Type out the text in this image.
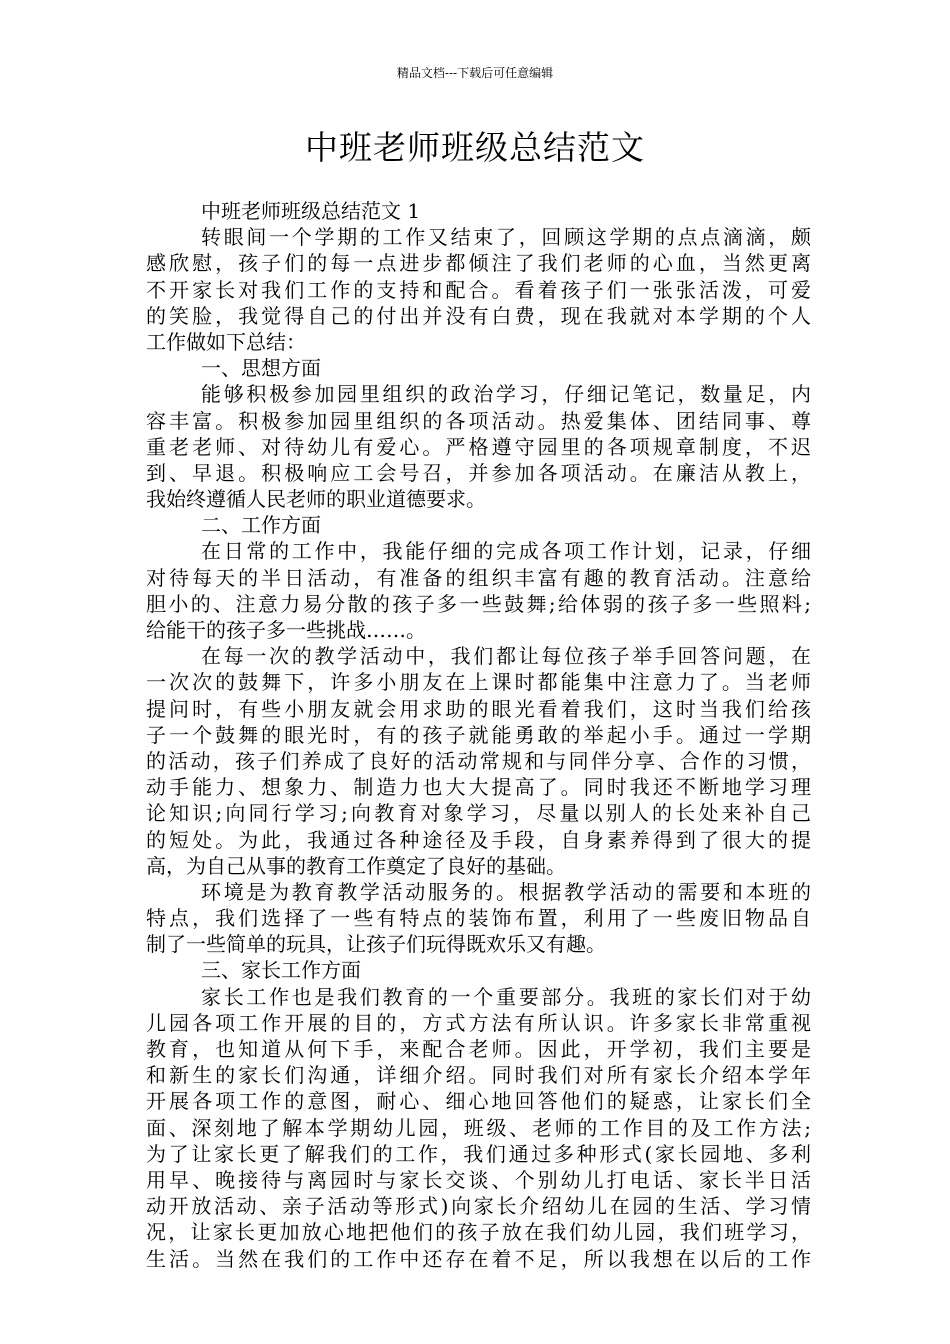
精品文档---下载后可任意编辑
中班老师班级总结范文
中班老师班级总结范文 1
转眼间一个学期的工作又结束了，回顾这学期的点点滴滴，颇
感欣慰，孩子们的每一点进步都倾注了我们老师的心血，当然更离
不开家长对我们工作的支持和配合。看着孩子们一张张活泼，可爱
的笑脸，我觉得自己的付出并没有白费，现在我就对本学期的个人
工作做如下总结：
一、思想方面
能够积极参加园里组织的政治学习，仔细记笔记，数量足，内
容丰富。积极参加园里组织的各项活动。热爱集体、团结同事、尊
重老老师、对待幼儿有爱心。严格遵守园里的各项规章制度，不迟
到、早退。积极响应工会号召，并参加各项活动。在廉洁从教上，
我始终遵循人民老师的职业道德要求。
二、工作方面
在日常的工作中，我能仔细的完成各项工作计划，记录，仔细
对待每天的半日活动，有准备的组织丰富有趣的教育活动。注意给
胆小的、注意力易分散的孩子多一些鼓舞;给体弱的孩子多一些照料;
给能干的孩子多一些挑战……。
在每一次的教学活动中，我们都让每位孩子举手回答问题，在
一次次的鼓舞下，许多小朋友在上课时都能集中注意力了。当老师
提问时，有些小朋友就会用求助的眼光看着我们，这时当我们给孩
子一个鼓舞的眼光时，有的孩子就能勇敢的举起小手。通过一学期
的活动，孩子们养成了良好的活动常规和与同伴分享、合作的习惯，
动手能力、想象力、制造力也大大提高了。同时我还不断地学习理
论知识;向同行学习;向教育对象学习，尽量以别人的长处来补自己
的短处。为此，我通过各种途径及手段，自身素养得到了很大的提
高，为自己从事的教育工作奠定了良好的基础。
环境是为教育教学活动服务的。根据教学活动的需要和本班的
特点，我们选择了一些有特点的装饰布置，利用了一些废旧物品自
制了一些简单的玩具，让孩子们玩得既欢乐又有趣。
三、家长工作方面
家长工作也是我们教育的一个重要部分。我班的家长们对于幼
儿园各项工作开展的目的，方式方法有所认识。许多家长非常重视
教育，也知道从何下手，来配合老师。因此，开学初，我们主要是
和新生的家长们沟通，详细介绍。同时我们对所有家长介绍本学年
开展各项工作的意图，耐心、细心地回答他们的疑惑，让家长们全
面、深刻地了解本学期幼儿园，班级、老师的工作目的及工作方法;
为了让家长更了解我们的工作，我们通过多种形式(家长园地、多利
用早、晚接待与离园时与家长交谈、个别幼儿打电话、家长半日活
动开放活动、亲子活动等形式)向家长介绍幼儿在园的生活、学习情
况，让家长更加放心地把他们的孩子放在我们幼儿园，我们班学习，
生活。当然在我们的工作中还存在着不足，所以我想在以后的工作
